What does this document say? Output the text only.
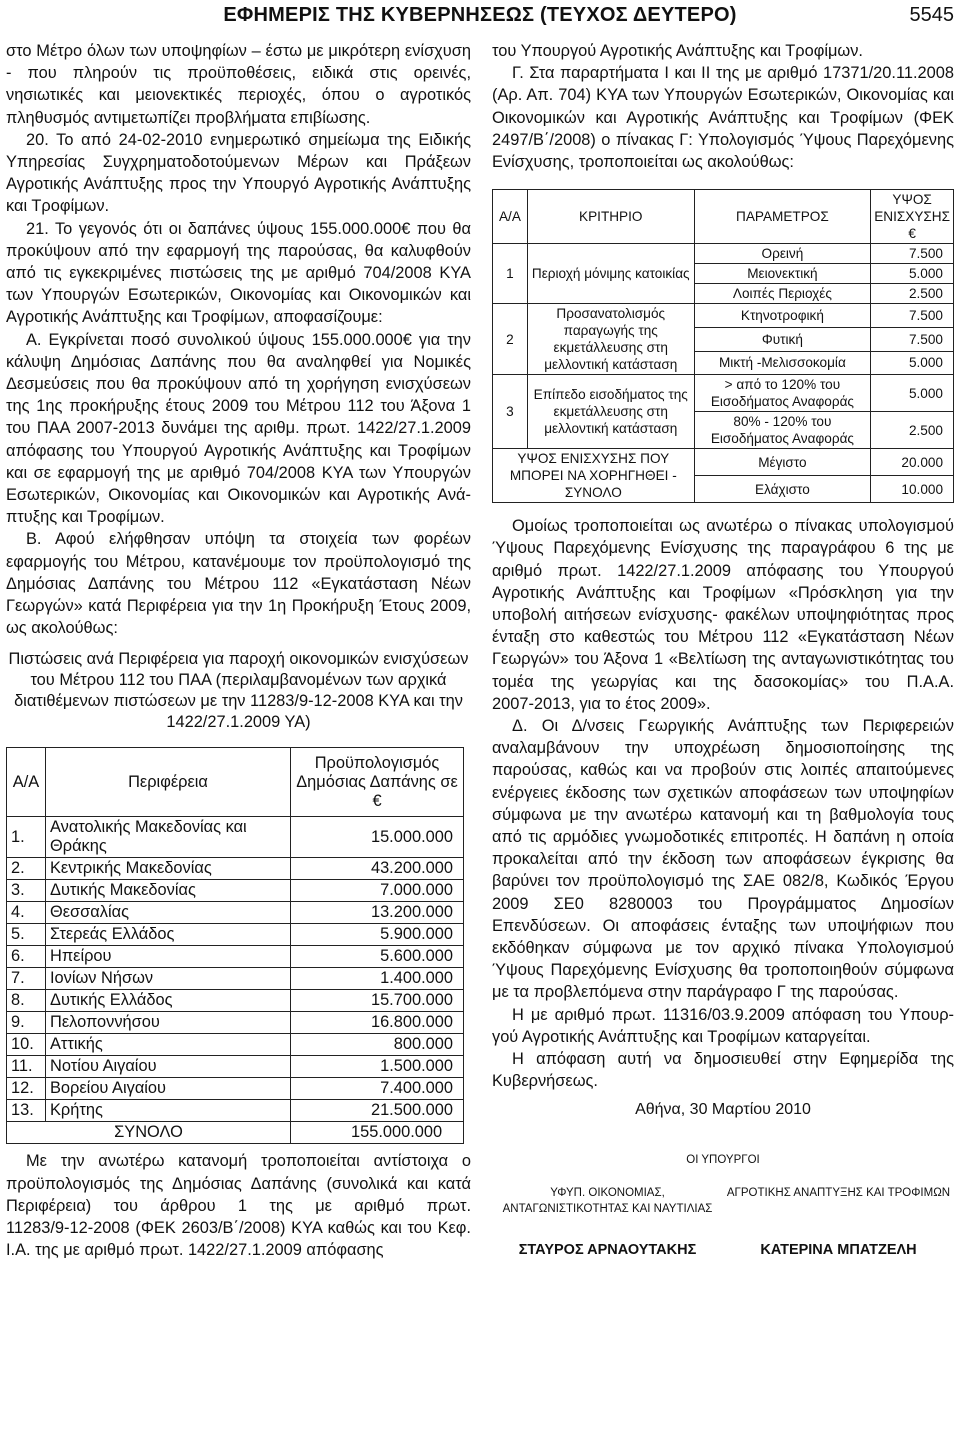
ΕΦΗΜΕΡΙΣ ΤΗΣ ΚΥΒΕΡΝΗΣΕΩΣ (ΤΕΥΧΟΣ ΔΕΥΤΕΡΟ)	5545

στο Μέτρο όλων των υποψηφίων – έστω με μικρότερη ενίσχυση ‑ που πληρούν τις προϋποθέσεις, ειδικά στις ορεινές, νησιωτικές και μειονεκτικές περιοχές, όπου ο αγροτικός πληθυσμός αντιμετωπίζει προβλήματα επιβίωσης.

20. Το από 24‑02‑2010 ενημερωτικό σημείωμα της Ειδικής Υπηρεσίας Συγχρηματοδοτούμενων Μέρων και Πράξεων Αγροτικής Ανάπτυξης προς την Υπουργό Αγροτικής Ανάπτυξης και Τροφίμων.

21. Το γεγονός ότι οι δαπάνες ύψους 155.000.000€ που θα προκύψουν από την εφαρμογή της παρούσας, θα καλυφθούν από τις εγκεκριμένες πιστώσεις της με αριθμό 704/2008 ΚΥΑ των Υπουργών Εσωτερικών, Οικονομίας και Οικονομικών και Αγροτικής Ανάπτυξης και Τροφίμων, αποφασίζουμε:

Α. Εγκρίνεται ποσό συνολικού ύψους 155.000.000€ για την κάλυψη Δημόσιας Δαπάνης που θα αναληφθεί για Νομικές Δεσμεύσεις που θα προκύψουν από τη χορήγηση ενισχύσεων της 1ης προκήρυξης έτους 2009 του Μέτρου 112 του Άξονα 1 του ΠΑΑ 2007‑2013 δυνάμει της αριθμ. πρωτ. 1422/27.1.2009 απόφασης του Υπουργού Αγροτικής Ανάπτυξης και Τροφίμων και σε εφαρμογή της με αριθμό 704/2008 ΚΥΑ των Υπουργών Εσωτερικών, Οικονομίας και Οικονομικών και Αγροτικής Ανάπτυξης και Τροφίμων.

Β. Αφού ελήφθησαν υπόψη τα στοιχεία των φορέων εφαρμογής του Μέτρου, κατανέμουμε τον προϋπολογισμό της Δημόσιας Δαπάνης του Μέτρου 112 «Εγκατάσταση Νέων Γεωργών» κατά Περιφέρεια για την 1η Προκήρυξη Έτους 2009, ως ακολούθως:

Πιστώσεις ανά Περιφέρεια για παροχή οικονομικών ενισχύσεων του Μέτρου 112 του ΠΑΑ (περιλαμβανομένων των αρχικά διατιθέμενων πιστώσεων με την 11283/9‑12‑2008 ΚΥΑ και την 1422/27.1.2009 ΥΑ)
Α/Α	Περιφέρεια	Προϋπολογισμός Δημόσιας Δαπάνης σε €
1.	Ανατολικής Μακεδονίας και Θράκης	15.000.000
2.	Κεντρικής Μακεδονίας	43.200.000
3.	Δυτικής Μακεδονίας	7.000.000
4.	Θεσσαλίας	13.200.000
5.	Στερεάς Ελλάδος	5.900.000
6.	Ηπείρου	5.600.000
7.	Ιονίων Νήσων	1.400.000
8.	Δυτικής Ελλάδος	15.700.000
9.	Πελοποννήσου	16.800.000
10.	Αττικής	800.000
11.	Νοτίου Αιγαίου	1.500.000
12.	Βορείου Αιγαίου	7.400.000
13.	Κρήτης	21.500.000
ΣΥΝΟΛΟ		155.000.000

Με την ανωτέρω κατανομή τροποποιείται αντίστοιχα ο προϋπολογισμός της Δημόσιας Δαπάνης (συνολικά και κατά Περιφέρεια) του άρθρου 1 της με αριθμό πρωτ. 11283/9‑12‑2008 (ΦΕΚ 2603/Β΄/2008) ΚΥΑ καθώς και του Κεφ. Ι.Α. της με αριθμό πρωτ. 1422/27.1.2009 απόφασης

του Υπουργού Αγροτικής Ανάπτυξης και Τροφίμων.

Γ. Στα παραρτήματα Ι και ΙΙ της με αριθμό 17371/20.11.2008 (Αρ. Απ. 704) ΚΥΑ των Υπουργών Εσωτερικών, Οικονομίας και Οικονομικών και Αγροτικής Ανάπτυξης και Τροφίμων (ΦΕΚ 2497/Β΄/2008) ο πίνακας Γ: Υπολογισμός Ύψους Παρεχόμενης Ενίσχυσης, τροποποιείται ως ακολούθως:

Α/Α	ΚΡΙΤΗΡΙΟ	ΠΑΡΑΜΕΤΡΟΣ	ΥΨΟΣ ΕΝΙΣΧΥΣΗΣ €
1	Περιοχή μόνιμης κατοικίας	Ορεινή	7.500
		Μειονεκτική	5.000
		Λοιπές Περιοχές	2.500
2	Προσανατολισμός παραγωγής της εκμετάλλευσης στη μελλοντική κατάσταση	Κτηνοτροφική	7.500
		Φυτική	7.500
		Μικτή ‑Μελισσοκομία	5.000
3	Επίπεδο εισοδήματος της εκμετάλλευσης στη μελλοντική κατάσταση	> από το 120% του Εισοδήματος Αναφοράς	5.000
		80% ‑ 120% του Εισοδήματος Αναφοράς	2.500
ΥΨΟΣ ΕΝΙΣΧΥΣΗΣ ΠΟΥ ΜΠΟΡΕΙ ΝΑ ΧΟΡΗΓΗΘΕΙ ‑ ΣΥΝΟΛΟ		Μέγιστο	20.000
		Ελάχιστο	10.000

Ομοίως τροποποιείται ως ανωτέρω ο πίνακας υπολογισμού Ύψους Παρεχόμενης Ενίσχυσης της παραγράφου 6 της με αριθμό πρωτ. 1422/27.1.2009 απόφασης του Υπουργού Αγροτικής Ανάπτυξης και Τροφίμων «Πρόσκληση για την υποβολή αιτήσεων ενίσχυσης‑ φακέλων υποψηφιότητας προς ένταξη στο καθεστώς του Μέτρου 112 «Εγκατάσταση Νέων Γεωργών» του Άξονα 1 «Βελτίωση της ανταγωνιστικότητας του τομέα της γεωργίας και της δασοκομίας» του Π.Α.Α. 2007‑2013, για το έτος 2009».

Δ. Οι Δ/νσεις Γεωργικής Ανάπτυξης των Περιφερειών αναλαμβάνουν την υποχρέωση δημοσιοποίησης της παρούσας, καθώς και να προβούν στις λοιπές απαιτούμενες ενέργειες έκδοσης των σχετικών αποφάσεων των υποψηφίων σύμφωνα με την ανωτέρω κατανομή και τη βαθμολογία τους από τις αρμόδιες γνωμοδοτικές επιτροπές. Η δαπάνη η οποία προκαλείται από την έκδοση των αποφάσεων έγκρισης θα βαρύνει τον προϋπολογισμό της ΣΑΕ 082/8, Κωδικός Έργου 2009 ΣΕ0 8280003 του Προγράμματος Δημοσίων Επενδύσεων. Οι αποφάσεις ένταξης των υποψήφιων που εκδόθηκαν σύμφωνα με τον αρχικό πίνακα Υπολογισμού Ύψους Παρεχόμενης Ενίσχυσης θα τροποποιηθούν σύμφωνα με τα προβλεπόμενα στην παράγραφο Γ της παρούσας.

Η με αριθμό πρωτ. 11316/03.9.2009 απόφαση του Υπουργού Αγροτικής Ανάπτυξης και Τροφίμων καταργείται.

Η απόφαση αυτή να δημοσιευθεί στην Εφημερίδα της Κυβερνήσεως.

Αθήνα, 30 Μαρτίου 2010
ΟΙ ΥΠΟΥΡΓΟΙ
ΥΦΥΠ. ΟΙΚΟΝΟΜΙΑΣ, ΑΝΤΑΓΩΝΙΣΤΙΚΟΤΗΤΑΣ ΚΑΙ ΝΑΥΤΙΛΙΑΣ
ΑΓΡΟΤΙΚΗΣ ΑΝΑΠΤΥΞΗΣ ΚΑΙ ΤΡΟΦΙΜΩΝ
ΣΤΑΥΡΟΣ ΑΡΝΑΟΥΤΑΚΗΣ	ΚΑΤΕΡΙΝΑ ΜΠΑΤΖΕΛΗ
